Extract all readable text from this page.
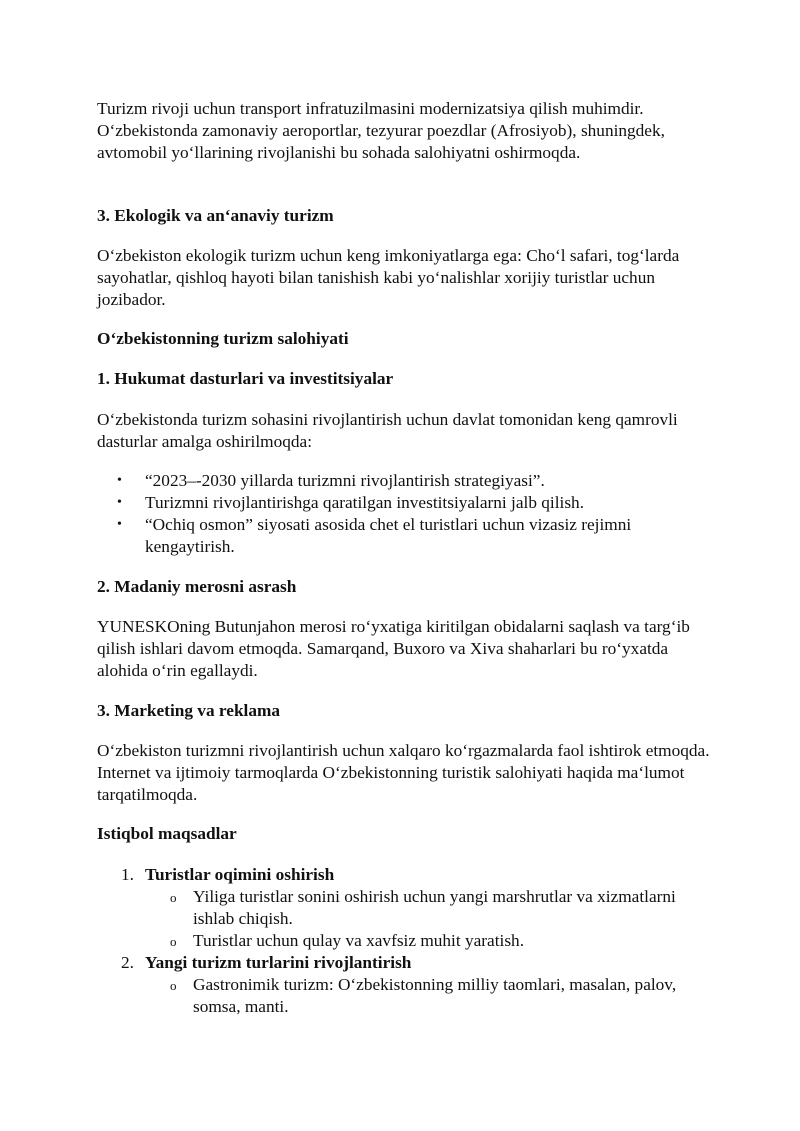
Turizm rivoji uchun transport infratuzilmasini modernizatsiya qilish muhimdir. O‘zbekistonda zamonaviy aeroportlar, tezyurar poezdlar (Afrosiyob), shuningdek, avtomobil yo‘llarining rivojlanishi bu sohada salohiyatni oshirmoqda.

3. Ekologik va an‘anaviy turizm

O‘zbekiston ekologik turizm uchun keng imkoniyatlarga ega: Cho‘l safari, tog‘larda sayohatlar, qishloq hayoti bilan tanishish kabi yo‘nalishlar xorijiy turistlar uchun jozibador.

O‘zbekistonning turizm salohiyati
1. Hukumat dasturlari va investitsiyalar

O‘zbekistonda turizm sohasini rivojlantirish uchun davlat tomonidan keng qamrovli dasturlar amalga oshirilmoqda:

• “2023–-2030 yillarda turizmni rivojlantirish strategiyasi”.
• Turizmni rivojlantirishga qaratilgan investitsiyalarni jalb qilish.
• “Ochiq osmon” siyosati asosida chet el turistlari uchun vizasiz rejimni kengaytirish.
2. Madaniy merosni asrash

YUNESKOning Butunjahon merosi ro‘yxatiga kiritilgan obidalarni saqlash va targ‘ib qilish ishlari davom etmoqda. Samarqand, Buxoro va Xiva shaharlari bu ro‘yxatda alohida o‘rin egallaydi.

3. Marketing va reklama

O‘zbekiston turizmni rivojlantirish uchun xalqaro ko‘rgazmalarda faol ishtirok etmoqda. Internet va ijtimoiy tarmoqlarda O‘zbekistonning turistik salohiyati haqida ma‘lumot tarqatilmoqda.

Istiqbol maqsadlar
1. Turistlar oqimini oshirish
o Yiliga turistlar sonini oshirish uchun yangi marshrutlar va xizmatlarni ishlab chiqish.
o Turistlar uchun qulay va xavfsiz muhit yaratish.
2. Yangi turizm turlarini rivojlantirish
o Gastronimik turizm: O‘zbekistonning milliy taomlari, masalan, palov, somsa, manti.
